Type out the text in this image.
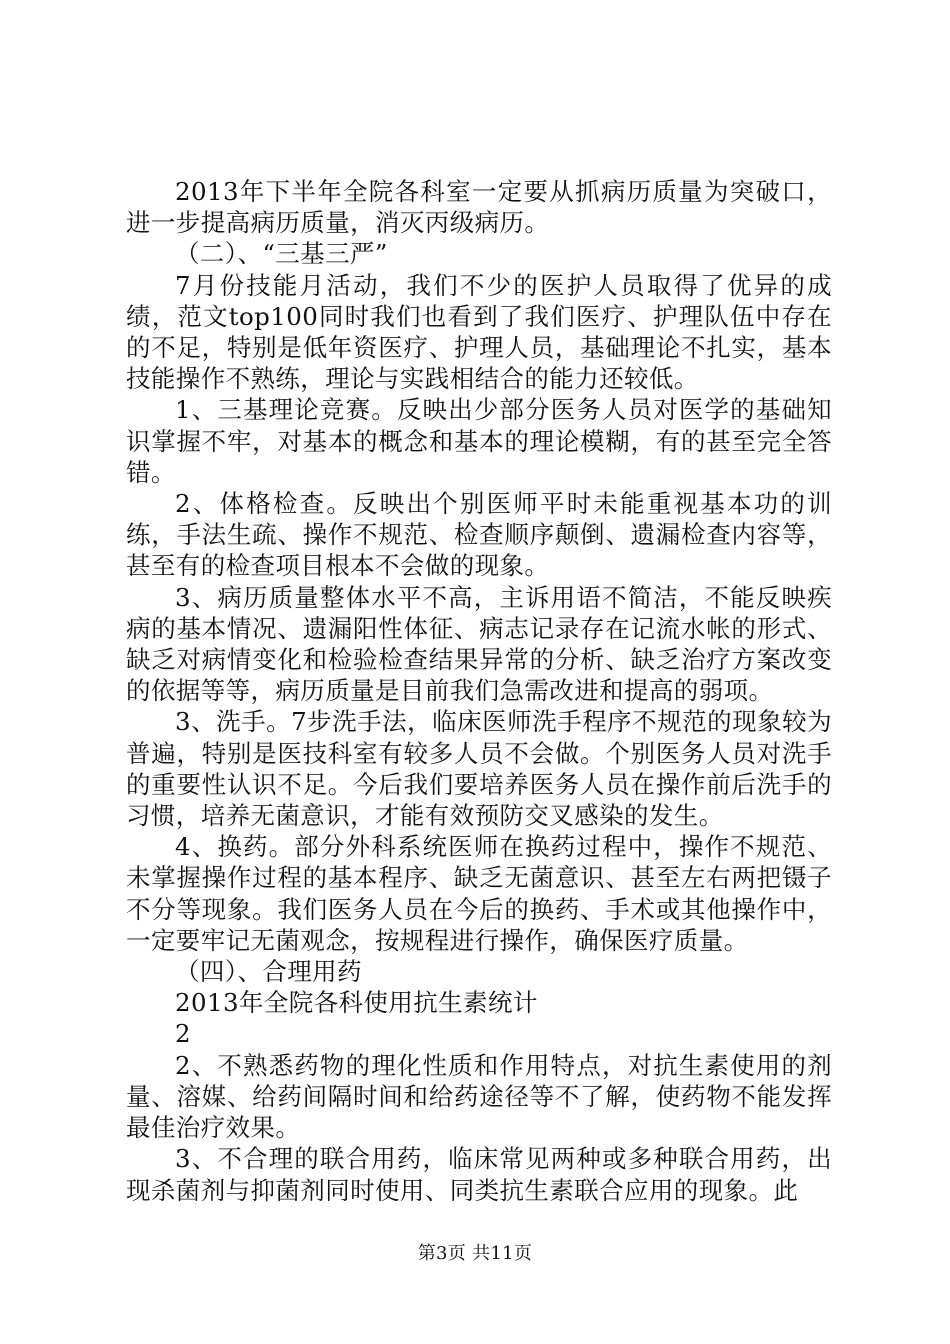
2013年下半年全院各科室一定要从抓病历质量为突破口，进一步提高病历质量，消灭丙级病历。

（二）、“三基三严”

7月份技能月活动，我们不少的医护人员取得了优异的成绩，范文top100同时我们也看到了我们医疗、护理队伍中存在的不足，特别是低年资医疗、护理人员，基础理论不扎实，基本技能操作不熟练，理论与实践相结合的能力还较低。

1、三基理论竞赛。反映出少部分医务人员对医学的基础知识掌握不牢，对基本的概念和基本的理论模糊，有的甚至完全答错。

2、体格检查。反映出个别医师平时未能重视基本功的训练，手法生疏、操作不规范、检查顺序颠倒、遗漏检查内容等，甚至有的检查项目根本不会做的现象。

3、病历质量整体水平不高，主诉用语不简洁，不能反映疾病的基本情况、遗漏阳性体征、病志记录存在记流水帐的形式、缺乏对病情变化和检验检查结果异常的分析、缺乏治疗方案改变的依据等等，病历质量是目前我们急需改进和提高的弱项。

3、洗手。7步洗手法，临床医师洗手程序不规范的现象较为普遍，特别是医技科室有较多人员不会做。个别医务人员对洗手的重要性认识不足。今后我们要培养医务人员在操作前后洗手的习惯，培养无菌意识，才能有效预防交叉感染的发生。

4、换药。部分外科系统医师在换药过程中，操作不规范、未掌握操作过程的基本程序、缺乏无菌意识、甚至左右两把镊子不分等现象。我们医务人员在今后的换药、手术或其他操作中，一定要牢记无菌观念，按规程进行操作，确保医疗质量。

（四）、合理用药

2013年全院各科使用抗生素统计

2

2、不熟悉药物的理化性质和作用特点，对抗生素使用的剂量、溶媒、给药间隔时间和给药途径等不了解，使药物不能发挥最佳治疗效果。

3、不合理的联合用药，临床常见两种或多种联合用药，出现杀菌剂与抑菌剂同时使用、同类抗生素联合应用的现象。此

第3页 共11页
